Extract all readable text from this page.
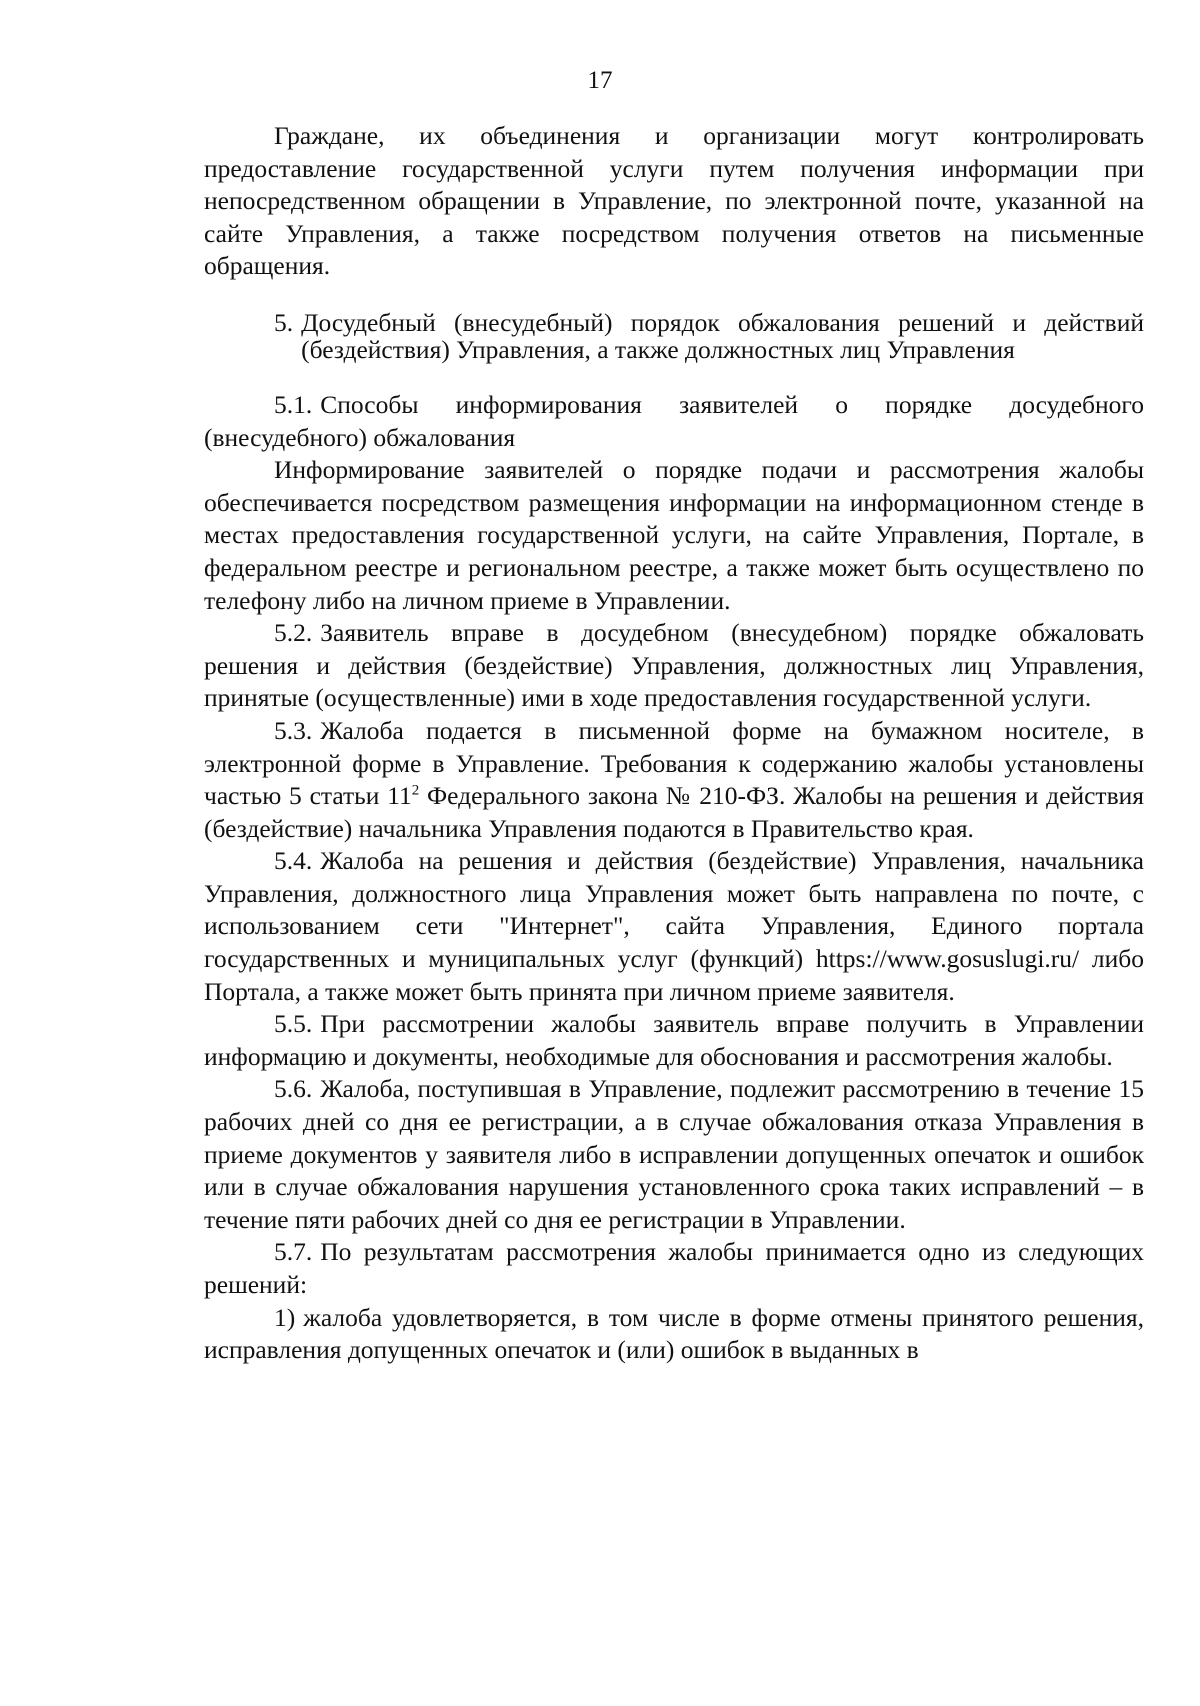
17

Граждане, их объединения и организации могут контролировать предоставление государственной услуги путем получения информации при непосредственном обращении в Управление, по электронной почте, указанной на сайте Управления, а также посредством получения ответов на письменные обращения.

5. Досудебный (внесудебный) порядок обжалования решений и действий (бездействия) Управления, а также должностных лиц Управления

5.1. Способы информирования заявителей о порядке досудебного (внесудебного) обжалования

Информирование заявителей о порядке подачи и рассмотрения жалобы обеспечивается посредством размещения информации на информационном стенде в местах предоставления государственной услуги, на сайте Управления, Портале, в федеральном реестре и региональном реестре, а также может быть осуществлено по телефону либо на личном приеме в Управлении.

5.2. Заявитель вправе в досудебном (внесудебном) порядке обжаловать решения и действия (бездействие) Управления, должностных лиц Управления, принятые (осуществленные) ими в ходе предоставления государственной услуги.

5.3. Жалоба подается в письменной форме на бумажном носителе, в электронной форме в Управление. Требования к содержанию жалобы установлены частью 5 статьи $11^2$ Федерального закона № 210-ФЗ. Жалобы на решения и действия (бездействие) начальника Управления подаются в Правительство края.

5.4. Жалоба на решения и действия (бездействие) Управления, начальника Управления, должностного лица Управления может быть направлена по почте, с использованием сети "Интернет", сайта Управления, Единого портала государственных и муниципальных услуг (функций) https://www.gosuslugi.ru/ либо Портала, а также может быть принята при личном приеме заявителя.

5.5. При рассмотрении жалобы заявитель вправе получить в Управлении информацию и документы, необходимые для обоснования и рассмотрения жалобы.

5.6. Жалоба, поступившая в Управление, подлежит рассмотрению в течение 15 рабочих дней со дня ее регистрации, а в случае обжалования отказа Управления в приеме документов у заявителя либо в исправлении допущенных опечаток и ошибок или в случае обжалования нарушения установленного срока таких исправлений – в течение пяти рабочих дней со дня ее регистрации в Управлении.

5.7. По результатам рассмотрения жалобы принимается одно из следующих решений:

1) жалоба удовлетворяется, в том числе в форме отмены принятого решения, исправления допущенных опечаток и (или) ошибок в выданных в
